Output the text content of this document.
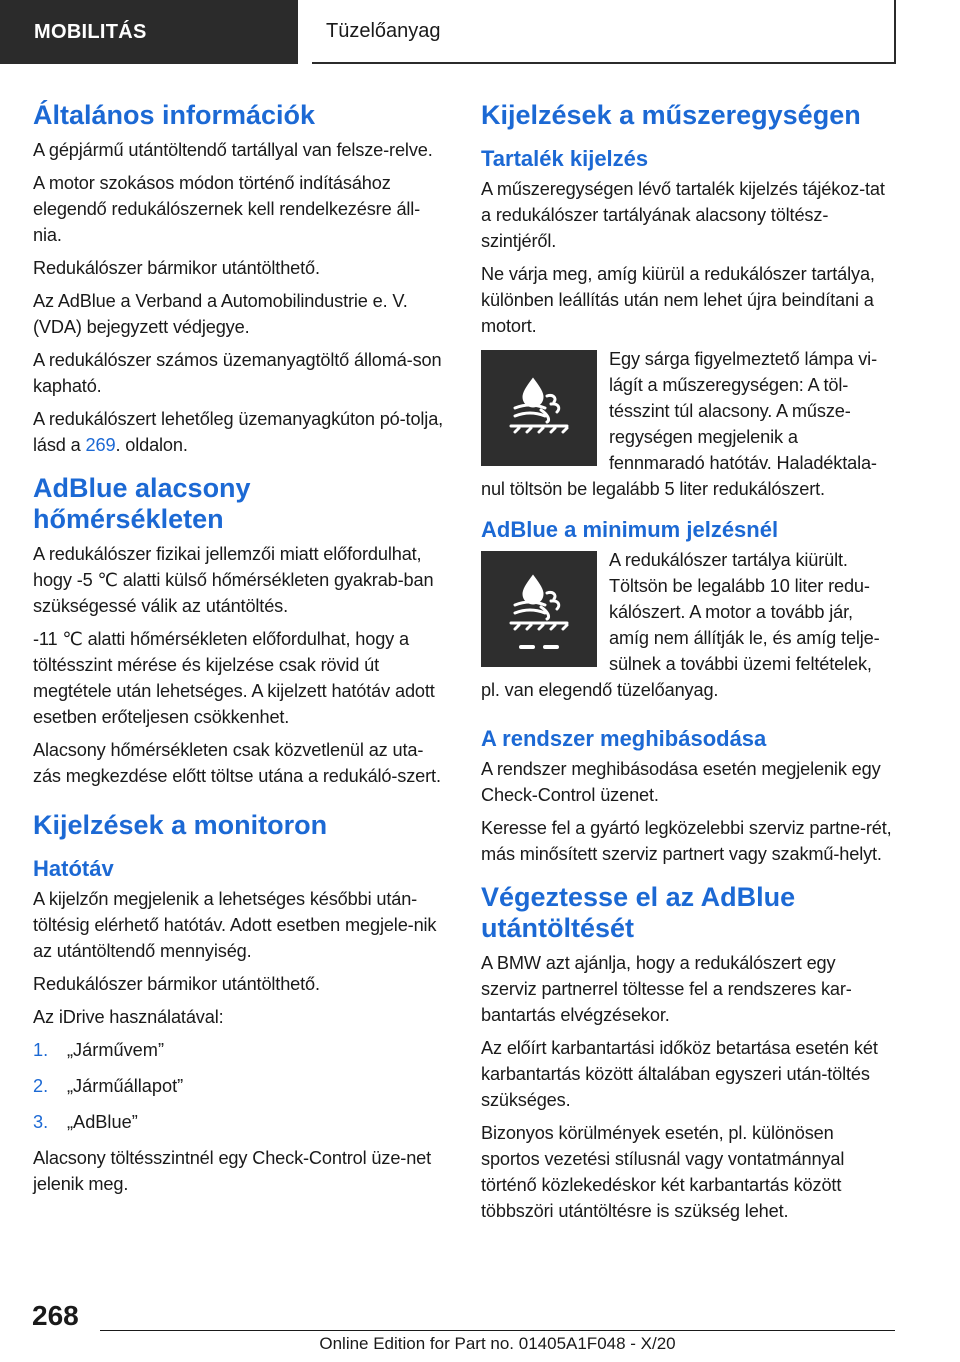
MOBILITÁS	Tüzelőanyag
Általános információk

A gépjármű utántöltendő tartállyal van felsze-relve.

A motor szokásos módon történő indításához elegendő redukálószernek kell rendelkezésre áll-nia.

Redukálószer bármikor utántölthető.

Az AdBlue a Verband a Automobilindustrie e. V. (VDA) bejegyzett védjegye.

A redukálószer számos üzemanyagtöltő állomá-son kapható.

A redukálószert lehetőleg üzemanyagkúton pó-tolja, lásd a 269. oldalon.

AdBlue alacsony hőmérsékleten

A redukálószer fizikai jellemzői miatt előfordulhat, hogy -5 ℃ alatti külső hőmérsékleten gyakrab-ban szükségessé válik az utántöltés.

-11 ℃ alatti hőmérsékleten előfordulhat, hogy a töltésszint mérése és kijelzése csak rövid út megtétele után lehetséges. A kijelzett hatótáv adott esetben erőteljesen csökkenhet.

Alacsony hőmérsékleten csak közvetlenül az uta-zás megkezdése előtt töltse utána a redukáló-szert.

Kijelzések a monitoron
Hatótáv

A kijelzőn megjelenik a lehetséges későbbi után-töltésig elérhető hatótáv. Adott esetben megjele-nik az utántöltendő mennyiség.

Redukálószer bármikor utántölthető.

Az iDrive használatával:

1.	„Járművem”
2.	„Járműállapot”
3.	„AdBlue”

Alacsony töltésszintnél egy Check-Control üze-net jelenik meg.

Kijelzések a műszeregységen
Tartalék kijelzés

A műszeregységen lévő tartalék kijelzés tájékoz-tat a redukálószer tartályának alacsony töltész-szintjéről.

Ne várja meg, amíg kiürül a redukálószer tartálya, különben leállítás után nem lehet újra beindítani a motort.

Egy sárga figyelmeztető lámpa vi-lágít a műszeregységen: A töl-tésszint túl alacsony. A műsze-regységen megjelenik a fennmaradó hatótáv. Haladéktala-nul töltsön be legalább 5 liter redukálószert.

AdBlue a minimum jelzésnél

A redukálószer tartálya kiürült. Töltsön be legalább 10 liter redu-kálószert. A motor a tovább jár, amíg nem állítják le, és amíg telje-sülnek a további üzemi feltételek, pl. van elegendő tüzelőanyag.

A rendszer meghibásodása

A rendszer meghibásodása esetén megjelenik egy Check-Control üzenet.

Keresse fel a gyártó legközelebbi szerviz partne-rét, más minősített szerviz partnert vagy szakmű-helyt.

Végeztesse el az AdBlue utántöltését

A BMW azt ajánlja, hogy a redukálószert egy szerviz partnerrel töltesse fel a rendszeres kar-bantartás elvégzésekor.

Az előírt karbantartási időköz betartása esetén két karbantartás között általában egyszeri után-töltés szükséges.

Bizonyos körülmények esetén, pl. különösen sportos vezetési stílusnál vagy vontatmánnyal történő közlekedéskor két karbantartás között többszöri utántöltésre is szükség lehet.

268
Online Edition for Part no. 01405A1F048 - X/20
